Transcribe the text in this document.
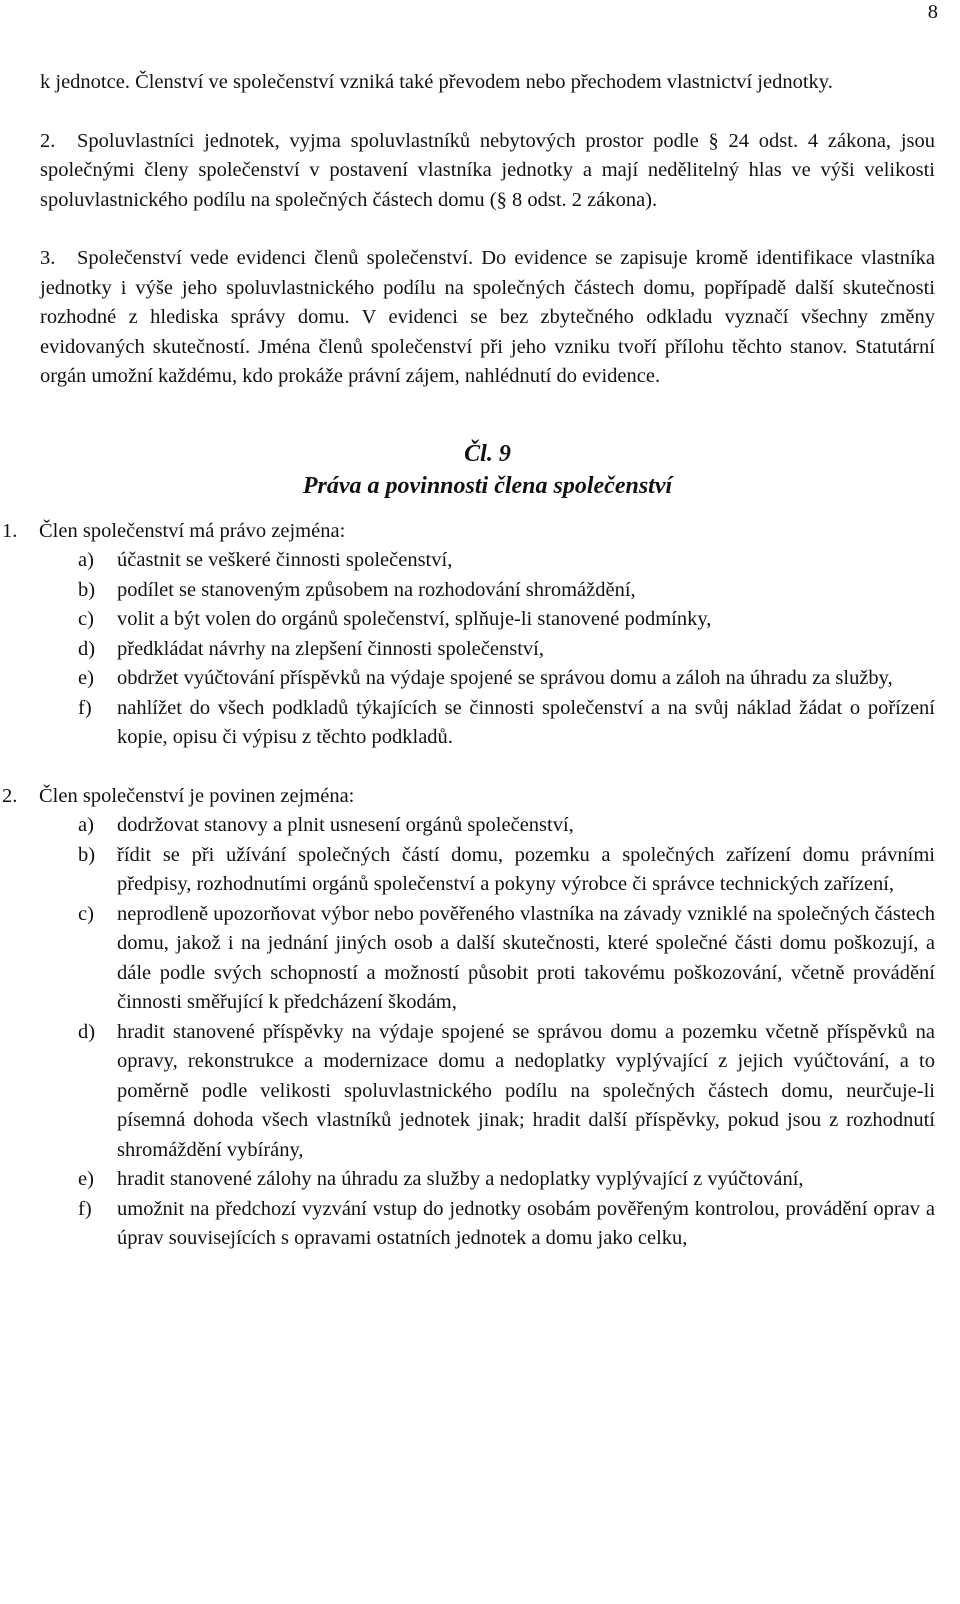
8

k jednotce. Členství ve společenství vzniká také převodem nebo přechodem vlastnictví jednotky.

2. Spoluvlastníci jednotek, vyjma spoluvlastníků nebytových prostor podle § 24 odst. 4 zákona, jsou společnými členy společenství v postavení vlastníka jednotky a mají nedělitelný hlas ve výši velikosti spoluvlastnického podílu na společných částech domu (§ 8 odst. 2 zákona).

3. Společenství vede evidenci členů společenství. Do evidence se zapisuje kromě identifikace vlastníka jednotky i výše jeho spoluvlastnického podílu na společných částech domu, popřípadě další skutečnosti rozhodné z hlediska správy domu. V evidenci se bez zbytečného odkladu vyznačí všechny změny evidovaných skutečností. Jména členů společenství při jeho vzniku tvoří přílohu těchto stanov. Statutární orgán umožní každému, kdo prokáže právní zájem, nahlédnutí do evidence.

Čl. 9
Práva a povinnosti člena společenství

1. Člen společenství má právo zejména:

a) účastnit se veškeré činnosti společenství,
b) podílet se stanoveným způsobem na rozhodování shromáždění,
c) volit a být volen do orgánů společenství, splňuje-li stanovené podmínky,
d) předkládat návrhy na zlepšení činnosti společenství,
e) obdržet vyúčtování příspěvků na výdaje spojené se správou domu a záloh na úhradu za služby,
f) nahlížet do všech podkladů týkajících se činnosti společenství a na svůj náklad žádat o pořízení kopie, opisu či výpisu z těchto podkladů.

2. Člen společenství je povinen zejména:

a) dodržovat stanovy a plnit usnesení orgánů společenství,
b) řídit se při užívání společných částí domu, pozemku a společných zařízení domu právními předpisy, rozhodnutími orgánů společenství a pokyny výrobce či správce technických zařízení,
c) neprodleně upozorňovat výbor nebo pověřeného vlastníka na závady vzniklé na společných částech domu, jakož i na jednání jiných osob a další skutečnosti, které společné části domu poškozují, a dále podle svých schopností a možností působit proti takovému poškozování, včetně provádění činnosti směřující k předcházení škodám,
d) hradit stanovené příspěvky na výdaje spojené se správou domu a pozemku včetně příspěvků na opravy, rekonstrukce a modernizace domu a nedoplatky vyplývající z jejich vyúčtování, a to poměrně podle velikosti spoluvlastnického podílu na společných částech domu, neurčuje-li písemná dohoda všech vlastníků jednotek jinak; hradit další příspěvky, pokud jsou z rozhodnutí shromáždění vybírány,
e) hradit stanovené zálohy na úhradu za služby a nedoplatky vyplývající z vyúčtování,
f) umožnit na předchozí vyzvání vstup do jednotky osobám pověřeným kontrolou, provádění oprav a úprav souvisejících s opravami ostatních jednotek a domu jako celku,
